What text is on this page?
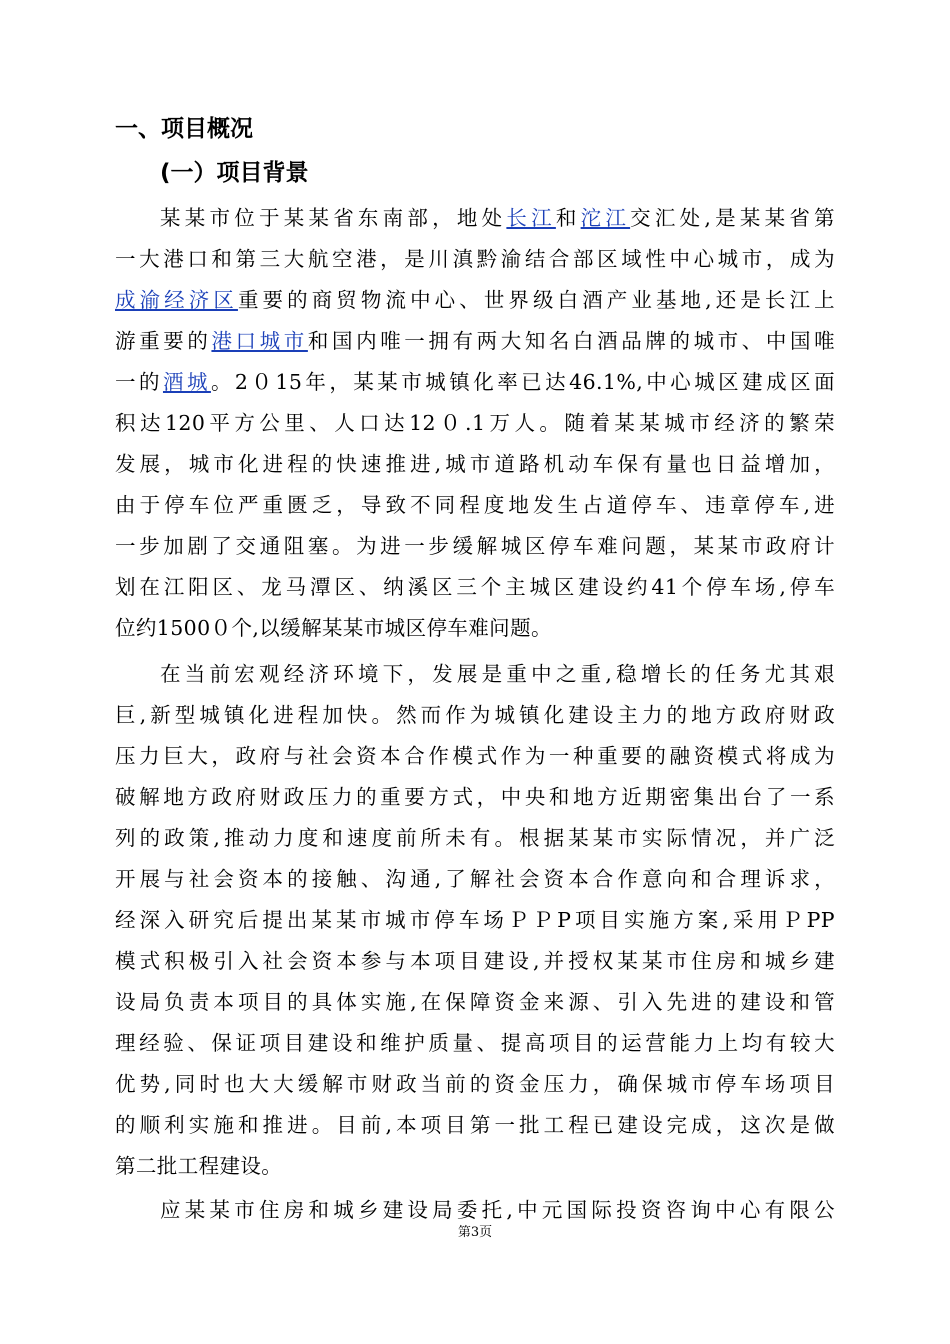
一、项目概况
(一）项目背景
某某市位于某某省东南部，地处长江和沱江交汇处,是某某省第
一大港口和第三大航空港，是川滇黔渝结合部区域性中心城市，成为
成渝经济区重要的商贸物流中心、世界级白酒产业基地,还是长江上
游重要的港口城市和国内唯一拥有两大知名白酒品牌的城市、中国唯
一的酒城。2０15年，某某市城镇化率已达46.1%,中心城区建成区面
积达120平方公里、人口达12０.1万人。随着某某城市经济的繁荣
发展，城市化进程的快速推进,城市道路机动车保有量也日益增加，
由于停车位严重匮乏，导致不同程度地发生占道停车、违章停车,进
一步加剧了交通阻塞。为进一步缓解城区停车难问题，某某市政府计
划在江阳区、龙马潭区、纳溪区三个主城区建设约41个停车场,停车
位约1500０个,以缓解某某市城区停车难问题。
在当前宏观经济环境下，发展是重中之重,稳增长的任务尤其艰
巨,新型城镇化进程加快。然而作为城镇化建设主力的地方政府财政
压力巨大，政府与社会资本合作模式作为一种重要的融资模式将成为
破解地方政府财政压力的重要方式，中央和地方近期密集出台了一系
列的政策,推动力度和速度前所未有。根据某某市实际情况，并广泛
开展与社会资本的接触、沟通,了解社会资本合作意向和合理诉求，
经深入研究后提出某某市城市停车场ＰＰP项目实施方案,采用ＰPP
模式积极引入社会资本参与本项目建设,并授权某某市住房和城乡建
设局负责本项目的具体实施,在保障资金来源、引入先进的建设和管
理经验、保证项目建设和维护质量、提高项目的运营能力上均有较大
优势,同时也大大缓解市财政当前的资金压力，确保城市停车场项目
的顺利实施和推进。目前,本项目第一批工程已建设完成，这次是做
第二批工程建设。
应某某市住房和城乡建设局委托,中元国际投资咨询中心有限公
第3页
